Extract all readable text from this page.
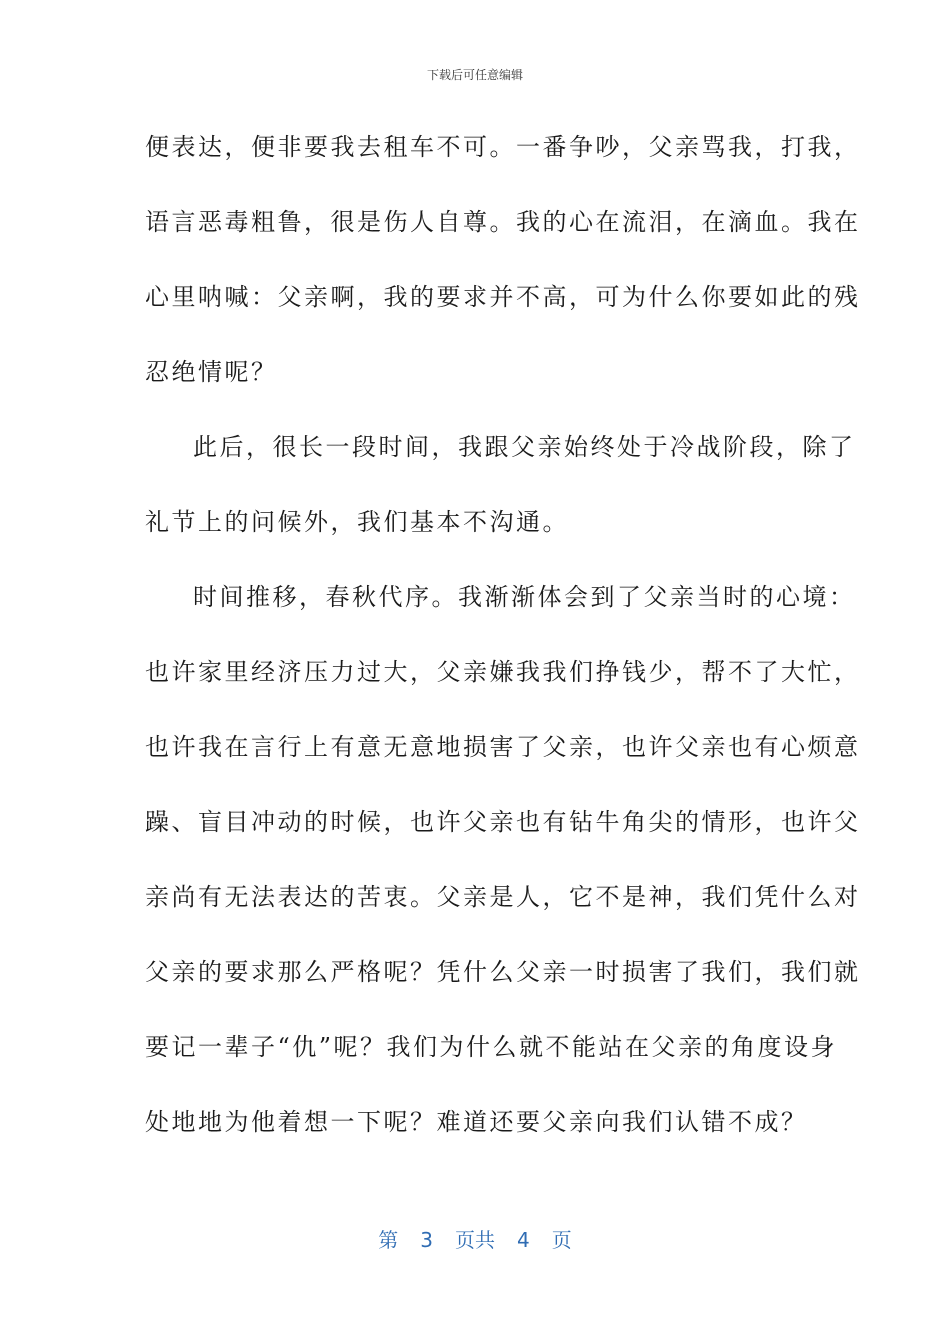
下载后可任意编辑
便表达，便非要我去租车不可。一番争吵，父亲骂我，打我，
语言恶毒粗鲁，很是伤人自尊。我的心在流泪，在滴血。我在
心里呐喊：父亲啊，我的要求并不高，可为什么你要如此的残
忍绝情呢？
此后，很长一段时间，我跟父亲始终处于冷战阶段，除了
礼节上的问候外，我们基本不沟通。
时间推移，春秋代序。我渐渐体会到了父亲当时的心境：
也许家里经济压力过大，父亲嫌我我们挣钱少，帮不了大忙，
也许我在言行上有意无意地损害了父亲，也许父亲也有心烦意
躁、盲目冲动的时候，也许父亲也有钻牛角尖的情形，也许父
亲尚有无法表达的苦衷。父亲是人，它不是神，我们凭什么对
父亲的要求那么严格呢？凭什么父亲一时损害了我们，我们就
要记一辈子“仇”呢？我们为什么就不能站在父亲的角度设身
处地地为他着想一下呢？难道还要父亲向我们认错不成？
第 3 页共 4 页
